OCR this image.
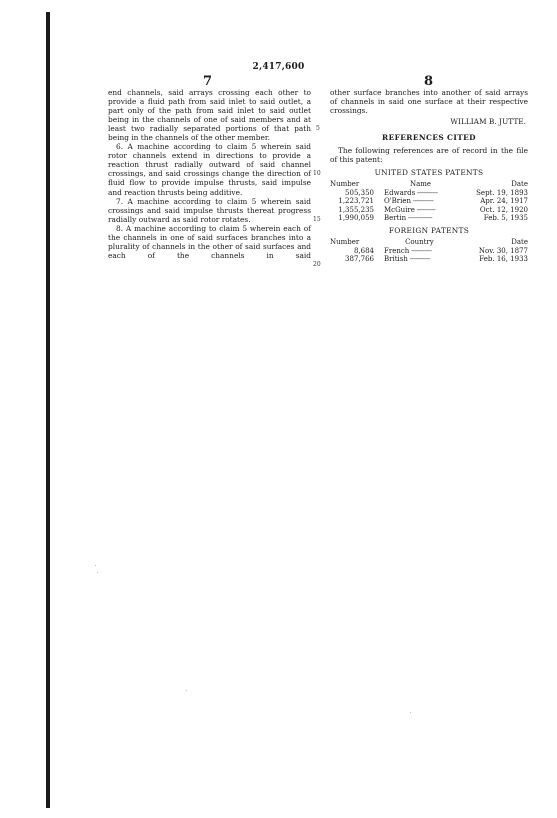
2,417,600
7	8

end channels, said arrays crossing each other to provide a fluid path from said inlet to said outlet, a part only of the path from said inlet to said outlet being in the channels of one of said members and at least two radially separated portions of that path being in the channels of the other member.

6. A machine according to claim 5 wherein said rotor channels extend in directions to provide a reaction thrust radially outward of said channel crossings, and said crossings change the direction of fluid flow to provide impulse thrusts, said impulse and reaction thrusts being additive.

7. A machine according to claim 5 wherein said crossings and said impulse thrusts thereat progress radially outward as said rotor rotates.

8. A machine according to claim 5 wherein each of the channels in one of said surfaces branches into a plurality of channels in the other of said surfaces and each of the channels in said

5
10
15
20

other surface branches into another of said arrays of channels in said one surface at their respective crossings.

WILLIAM B. JUTTE.
REFERENCES CITED

The following references are of record in the file of this patent:

UNITED STATES PATENTS
Number	Name	Date
505,350	Edwards -----------	Sept. 19, 1893
1,223,721	O'Brien -----------	Apr. 24, 1917
1,355,235	McGuire ----------	Oct. 12, 1920
1,990,059	Bertin -------------	Feb. 5, 1935
FOREIGN PATENTS
Number	Country	Date
8,684	French -----------	Nov. 30, 1877
387,766	British -----------	Feb. 16, 1933
